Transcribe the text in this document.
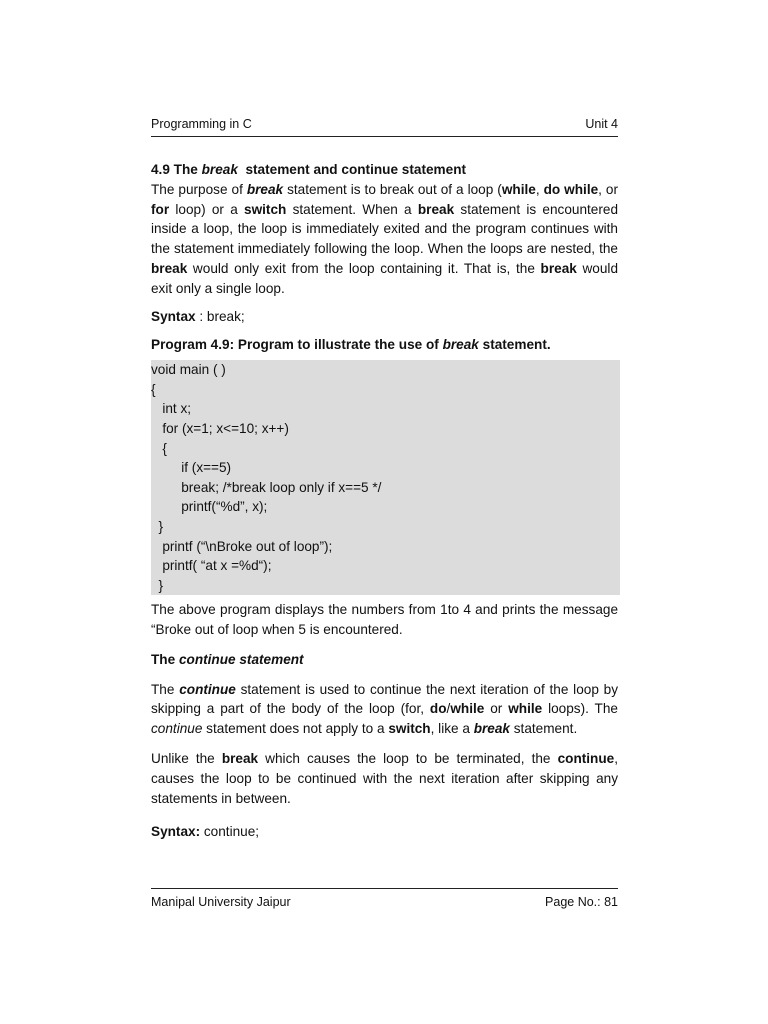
Programming in C	Unit 4

4.9 The break  statement and continue statement

The purpose of break statement is to break out of a loop (while, do while, or for loop) or a switch statement. When a break statement is encountered inside a loop, the loop is immediately exited and the program continues with the statement immediately following the loop. When the loops are nested, the break would only exit from the loop containing it. That is, the break would exit only a single loop.

Syntax : break;

Program 4.9: Program to illustrate the use of break statement.

void main ( )
{
int x;
for (x=1; x<=10; x++)
{
if (x==5)
break; /*break loop only if x==5 */
printf(“%d”, x);
}
printf (“\nBroke out of loop”);
printf( “at x =%d“);
}

The above program displays the numbers from 1to 4 and prints the message “Broke out of loop when 5 is encountered.

The continue statement

The continue statement is used to continue the next iteration of the loop by skipping a part of the body of the loop (for, do/while or while loops). The continue statement does not apply to a switch, like a break statement.

Unlike the break which causes the loop to be terminated, the continue, causes the loop to be continued with the next iteration after skipping any statements in between.

Syntax: continue;

Manipal University Jaipur	Page No.: 81
